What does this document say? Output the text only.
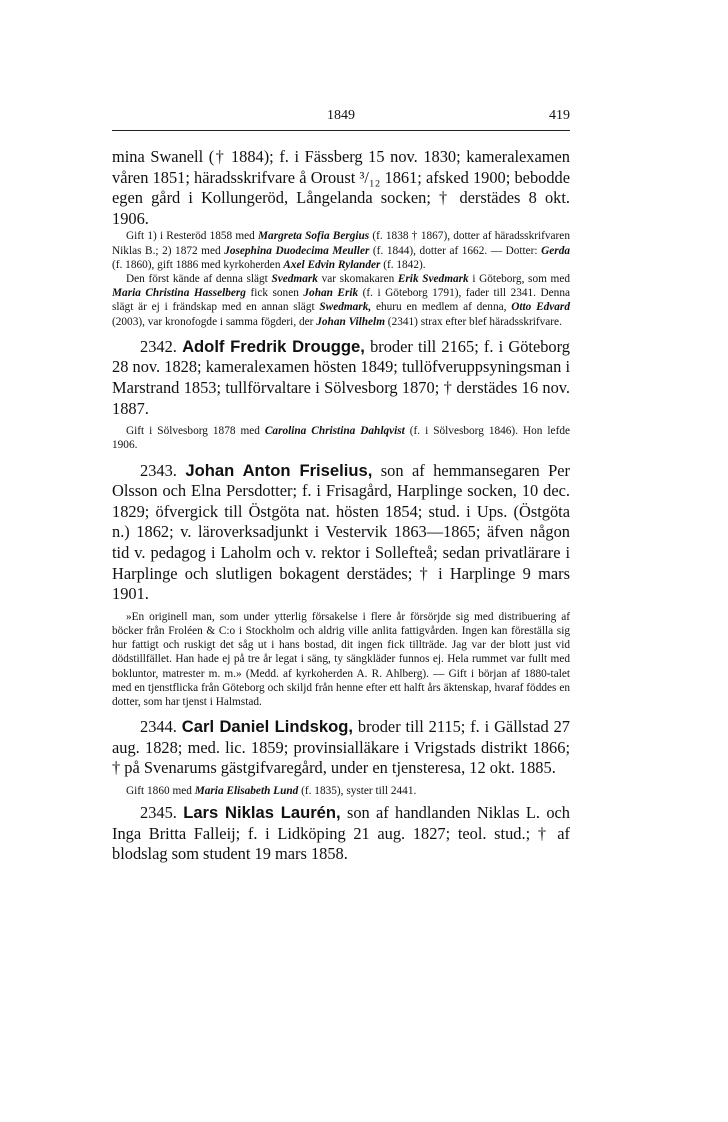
1849	419

mina Swanell († 1884); f. i Fässberg 15 nov. 1830; kameralexamen våren 1851; häradsskrifvare å Oroust ³/₁₂ 1861; afsked 1900; bebodde egen gård i Kollungeröd, Långelanda socken; † derstädes 8 okt. 1906.

Gift 1) i Resteröd 1858 med Margreta Sofia Bergius (f. 1838 † 1867), dotter af häradsskrifvaren Niklas B.; 2) 1872 med Josephina Duodecima Meuller (f. 1844), dotter af 1662. — Dotter: Gerda (f. 1860), gift 1886 med kyrkoherden Axel Edvin Rylander (f. 1842).

Den först kände af denna slägt Svedmark var skomakaren Erik Svedmark i Göteborg, som med Maria Christina Hasselberg fick sonen Johan Erik (f. i Göteborg 1791), fader till 2341. Denna slägt är ej i frändskap med en annan slägt Swedmark, ehuru en medlem af denna, Otto Edvard (2003), var kronofogde i samma fögderi, der Johan Vilhelm (2341) strax efter blef häradsskrifvare.

2342. Adolf Fredrik Drougge, broder till 2165; f. i Göteborg 28 nov. 1828; kameralexamen hösten 1849; tullöfveruppsyningsman i Marstrand 1853; tullförvaltare i Sölvesborg 1870; † derstädes 16 nov. 1887.

Gift i Sölvesborg 1878 med Carolina Christina Dahlqvist (f. i Sölvesborg 1846). Hon lefde 1906.

2343. Johan Anton Friselius, son af hemmansegaren Per Olsson och Elna Persdotter; f. i Frisagård, Harplinge socken, 10 dec. 1829; öfvergick till Östgöta nat. hösten 1854; stud. i Ups. (Östgöta n.) 1862; v. läroverksadjunkt i Vestervik 1863—1865; äfven någon tid v. pedagog i Laholm och v. rektor i Sollefteå; sedan privatlärare i Harplinge och slutligen bokagent derstädes; † i Harplinge 9 mars 1901.

»En originell man, som under ytterlig försakelse i flere år försörjde sig med distribuering af böcker från Froléen & C:o i Stockholm och aldrig ville anlita fattigvården. Ingen kan föreställa sig hur fattigt och ruskigt det såg ut i hans bostad, dit ingen fick tillträde. Jag var der blott just vid dödstillfället. Han hade ej på tre år legat i säng, ty sängkläder funnos ej. Hela rummet var fullt med bokluntor, matrester m. m.» (Medd. af kyrkoherden A. R. Ahlberg). — Gift i början af 1880-talet med en tjenstflicka från Göteborg och skiljd från henne efter ett halft års äktenskap, hvaraf föddes en dotter, som har tjenst i Halmstad.

2344. Carl Daniel Lindskog, broder till 2115; f. i Gällstad 27 aug. 1828; med. lic. 1859; provinsialläkare i Vrigstads distrikt 1866; † på Svenarums gästgifvaregård, under en tjensteresa, 12 okt. 1885.

Gift 1860 med Maria Elisabeth Lund (f. 1835), syster till 2441.

2345. Lars Niklas Laurén, son af handlanden Niklas L. och Inga Britta Falleij; f. i Lidköping 21 aug. 1827; teol. stud.; † af blodslag som student 19 mars 1858.
